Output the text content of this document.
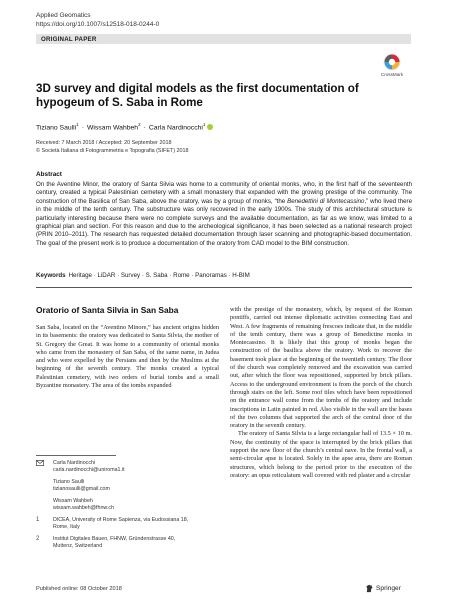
Applied Geomatics
https://doi.org/10.1007/s12518-018-0244-0
ORIGINAL PAPER
CrossMark
3D survey and digital models as the first documentation of hypogeum of S. Saba in Rome
Tiziano Saulli$^1$ · Wissam Wahbeh$^2$ · Carla Nardinocchi$^1$
Received: 7 March 2018 / Accepted: 20 September 2018
© Società Italiana di Fotogrammetria e Topografia (SIFET) 2018
Abstract
On the Aventine Minor, the oratory of Santa Silvia was home to a community of oriental monks, who, in the first half of the seventeenth century, created a typical Palestinian cemetery with a small monastery that expanded with the growing prestige of the community. The construction of the Basilica of San Saba, above the oratory, was by a group of monks, “the Benedettini di Montecassino,” who lived there in the middle of the tenth century. The substructure was only recovered in the early 1900s. The study of this architectural structure is particularly interesting because there were no complete surveys and the available documentation, as far as we know, was limited to a graphical plan and section. For this reason and due to the archeological significance, it has been selected as a national research project (PRIN 2010–2011). The research has requested detailed documentation through laser scanning and photographic-based documentation. The goal of the present work is to produce a documentation of the oratory from CAD model to the BIM construction.
Keywords Heritage · LiDAR · Survey · S. Saba · Rome · Panoramas · H-BIM
Oratorio of Santa Silvia in San Saba

San Saba, located on the “Aventino Minore,” has ancient origins hidden in its basements: the oratory was dedicated to Santa Silvia, the mother of St. Gregory the Great. It was home to a community of oriental monks who came from the monastery of San Saba, of the same name, in Judea and who were expelled by the Persians and then by the Muslims at the beginning of the seventh century. The monks created a typical Palestinian cemetery, with two orders of burial tombs and a small Byzantine monastery. The area of the tombs expanded

with the prestige of the monastery, which, by request of the Roman pontiffs, carried out intense diplomatic activities connecting East and West. A few fragments of remaining frescoes indicate that, in the middle of the tenth century, there was a group of Benedictine monks in Montecassino. It is likely that this group of monks began the construction of the basilica above the oratory. Work to recover the basement took place at the beginning of the twentieth century. The floor of the church was completely removed and the excavation was carried out, after which the floor was repositioned, supported by brick pillars. Access to the underground environment is from the porch of the church through stairs on the left. Some roof tiles which have been repositioned on the entrance wall come from the tombs of the oratory and include inscriptions in Latin painted in red. Also visible in the wall are the bases of the two columns that supported the arch of the central door of the oratory in the seventh century.

The oratory of Santa Silvia is a large rectangular hall of 13.5 × 10 m. Now, the continuity of the space is interrupted by the brick pillars that support the new floor of the church’s central nave. In the frontal wall, a semi-circular apse is located. Solely in the apse area, there are Roman structures, which belong to the period prior to the execution of the oratory: an opus reticulatum wall covered with red plaster and a circular

Carla Nardinocchi
carla.nardinocchi@uniroma1.it
Tiziano Saulli
tizianosaulli@gmail.com
Wissam Wahbeh
wissam.wahbeh@fhnw.ch
1	DICEA, University of Rome Sapienza, via Eudossiana 18,
Rome, Italy
2	Institut Digitales Bauen, FHNW, Gründenstrasse 40,
Muttenz, Switzerland
Published online: 08 October 2018	Springer
